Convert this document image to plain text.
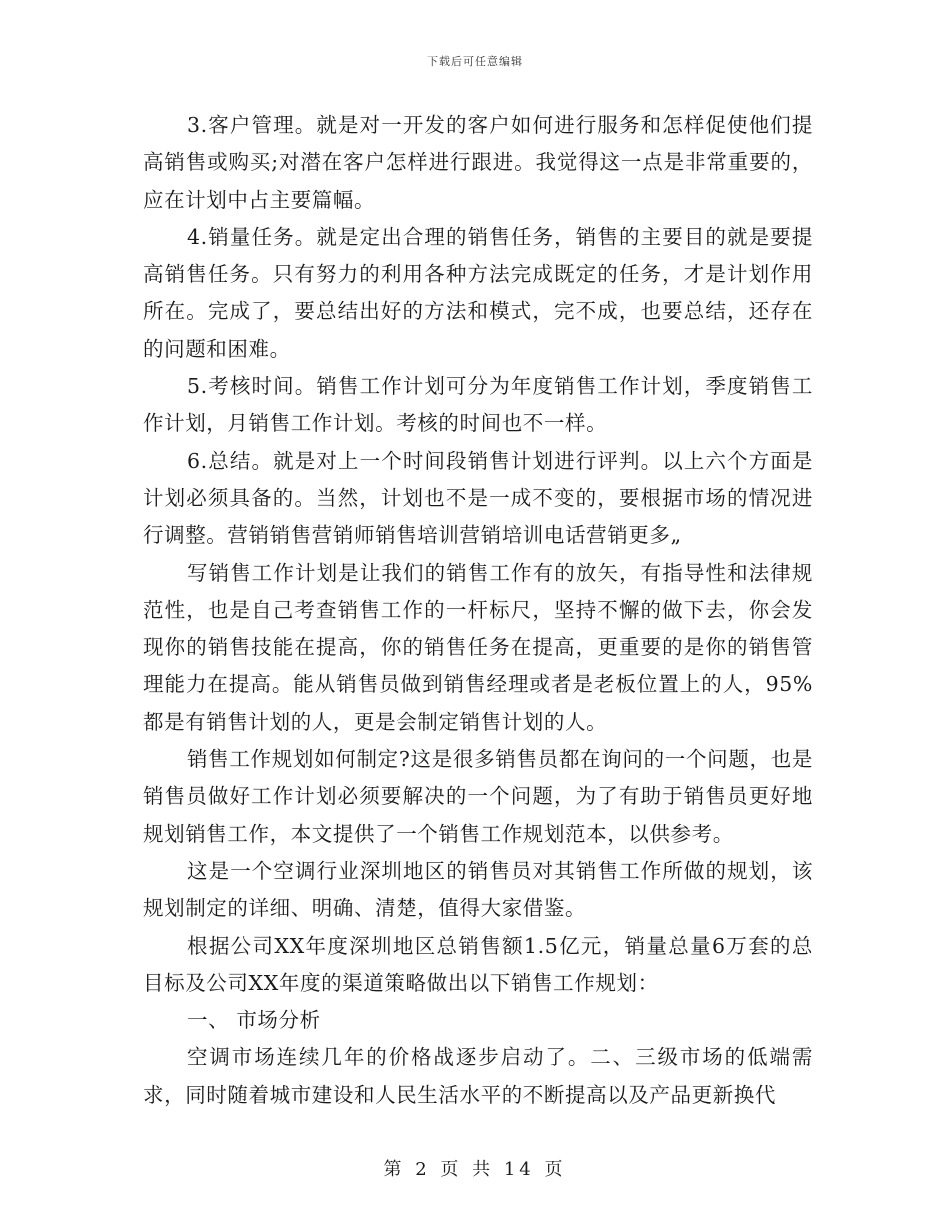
下载后可任意编辑

3.客户管理。就是对一开发的客户如何进行服务和怎样促使他们提高销售或购买;对潜在客户怎样进行跟进。我觉得这一点是非常重要的，应在计划中占主要篇幅。

4.销量任务。就是定出合理的销售任务，销售的主要目的就是要提高销售任务。只有努力的利用各种方法完成既定的任务，才是计划作用所在。完成了，要总结出好的方法和模式，完不成，也要总结，还存在的问题和困难。

5.考核时间。销售工作计划可分为年度销售工作计划，季度销售工作计划，月销售工作计划。考核的时间也不一样。

6.总结。就是对上一个时间段销售计划进行评判。以上六个方面是计划必须具备的。当然，计划也不是一成不变的，要根据市场的情况进行调整。营销销售营销师销售培训营销培训电话营销更多„

写销售工作计划是让我们的销售工作有的放矢，有指导性和法律规范性，也是自己考查销售工作的一杆标尺，坚持不懈的做下去，你会发现你的销售技能在提高，你的销售任务在提高，更重要的是你的销售管理能力在提高。能从销售员做到销售经理或者是老板位置上的人，95%都是有销售计划的人，更是会制定销售计划的人。

销售工作规划如何制定?这是很多销售员都在询问的一个问题，也是销售员做好工作计划必须要解决的一个问题，为了有助于销售员更好地规划销售工作，本文提供了一个销售工作规划范本，以供参考。

这是一个空调行业深圳地区的销售员对其销售工作所做的规划，该规划制定的详细、明确、清楚，值得大家借鉴。

根据公司XX年度深圳地区总销售额1.5亿元，销量总量6万套的总目标及公司XX年度的渠道策略做出以下销售工作规划：

一、 市场分析

空调市场连续几年的价格战逐步启动了。二、三级市场的低端需求，同时随着城市建设和人民生活水平的不断提高以及产品更新换代

第 2 页 共 14 页
